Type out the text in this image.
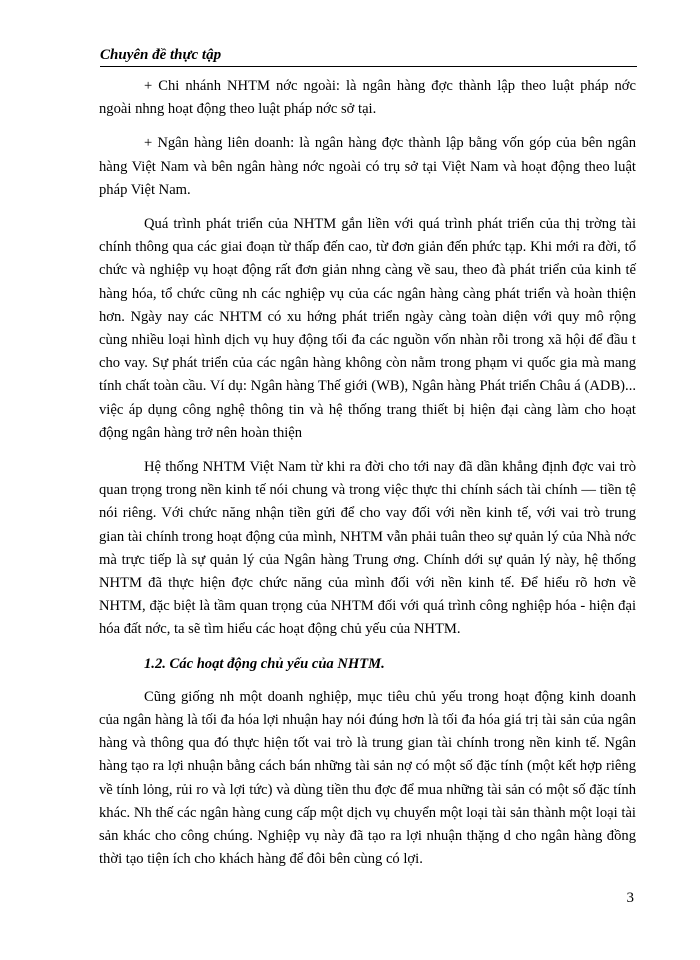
Chuyên đề thực tập

+ Chi nhánh NHTM nớc ngoài: là ngân hàng đợc thành lập theo luật pháp nớc ngoài nhng hoạt động theo luật pháp nớc sở tại.

+ Ngân hàng liên doanh: là ngân hàng đợc thành lập bằng vốn góp của bên ngân hàng Việt Nam và bên ngân hàng nớc ngoài có trụ sở tại Việt Nam và hoạt động theo luật pháp Việt Nam.

Quá trình phát triển của NHTM gắn liền với quá trình phát triển của thị trờng tài chính thông qua các giai đoạn từ thấp đến cao, từ đơn giản đến phức tạp. Khi mới ra đời, tổ chức và nghiệp vụ hoạt động rất đơn giản nhng càng về sau, theo đà phát triển của kinh tế hàng hóa, tổ chức cũng nh các nghiệp vụ của các ngân hàng càng phát triển và hoàn thiện hơn. Ngày nay các NHTM có xu hớng phát triển ngày càng toàn diện với quy mô rộng cùng nhiều loại hình dịch vụ huy động tối đa các nguồn vốn nhàn rỗi trong xã hội để đầu t cho vay. Sự phát triển của các ngân hàng không còn nằm trong phạm vi quốc gia mà mang tính chất toàn cầu. Ví dụ: Ngân hàng Thế giới (WB), Ngân hàng Phát triển Châu á (ADB)... việc áp dụng công nghệ thông tin và hệ thống trang thiết bị hiện đại càng làm cho hoạt động ngân hàng trở nên hoàn thiện

Hệ thống NHTM Việt Nam từ khi ra đời cho tới nay đã dần khẳng định đợc vai trò quan trọng trong nền kinh tế nói chung và trong việc thực thi chính sách tài chính — tiền tệ nói riêng. Với chức năng nhận tiền gửi để cho vay đối với nền kinh tế, với vai trò trung gian tài chính trong hoạt động của mình, NHTM vẫn phải tuân theo sự quản lý của Nhà nớc mà trực tiếp là sự quản lý của Ngân hàng Trung ơng. Chính dới sự quản lý này, hệ thống NHTM đã thực hiện đợc chức năng của mình đối với nền kinh tế. Để hiểu rõ hơn về NHTM, đặc biệt là tầm quan trọng của NHTM đối với quá trình công nghiệp hóa - hiện đại hóa đất nớc, ta sẽ tìm hiểu các hoạt động chủ yếu của NHTM.

1.2. Các hoạt động chủ yếu của NHTM.

Cũng giống nh một doanh nghiệp, mục tiêu chủ yếu trong hoạt động kinh doanh của ngân hàng là tối đa hóa lợi nhuận hay nói đúng hơn là tối đa hóa giá trị tài sản của ngân hàng và thông qua đó thực hiện tốt vai trò là trung gian tài chính trong nền kinh tế. Ngân hàng tạo ra lợi nhuận bằng cách bán những tài sản nợ có một số đặc tính (một kết hợp riêng về tính lỏng, rủi ro và lợi tức) và dùng tiền thu đợc để mua những tài sản có một số đặc tính khác. Nh thế các ngân hàng cung cấp một dịch vụ chuyển một loại tài sản thành một loại tài sản khác cho công chúng. Nghiệp vụ này đã tạo ra lợi nhuận thặng d cho ngân hàng đồng thời tạo tiện ích cho khách hàng để đôi bên cùng có lợi.

3
